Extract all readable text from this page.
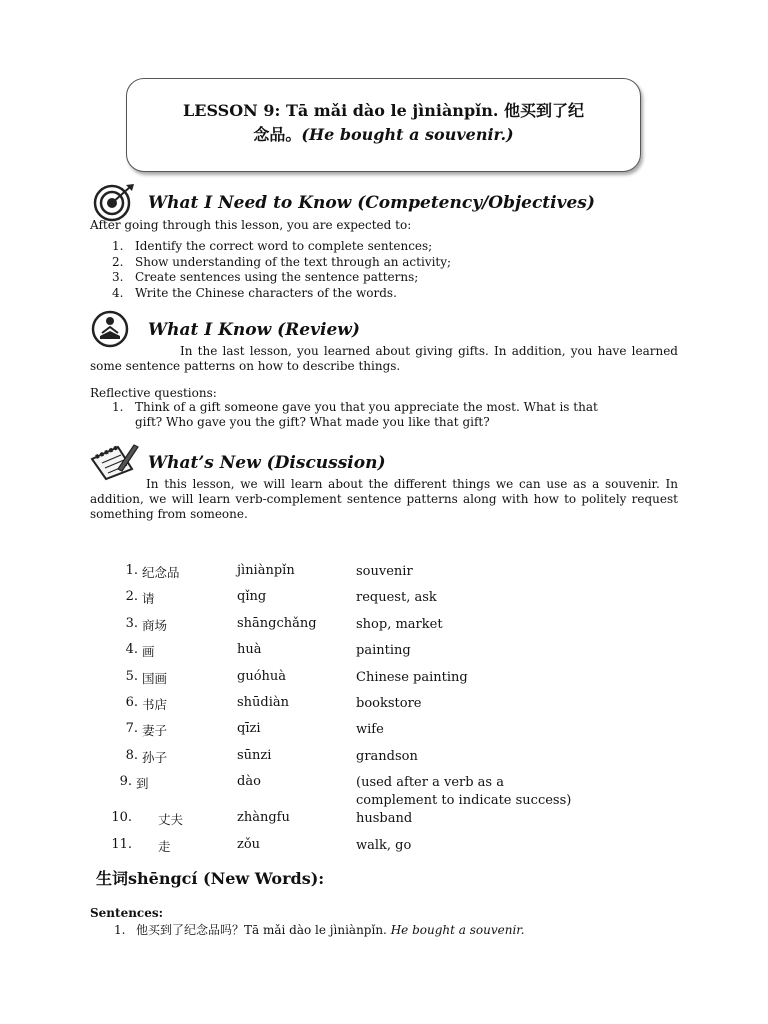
LESSON 9: Tā mǎi dào le jìniànpǐn. 他买到了纪
念品。(He bought a souvenir.)
What I Need to Know (Competency/Objectives)
After going through this lesson, you are expected to:
1. Identify the correct word to complete sentences;
2. Show understanding of the text through an activity;
3. Create sentences using the sentence patterns;
4. Write the Chinese characters of the words.
What I Know (Review)
In the last lesson, you learned about giving gifts. In addition, you have learned some sentence patterns on how to describe things.
Reflective questions:
1. Think of a gift someone gave you that you appreciate the most. What is that
gift? Who gave you the gift? What made you like that gift?
What’s New (Discussion)
In this lesson, we will learn about the different things we can use as a souvenir. In addition, we will learn verb-complement sentence patterns along with how to politely request something from someone.
1. 纪念品	jìniànpǐn	souvenir
2. 请	qǐng	request, ask
3. 商场	shāngchǎng	shop, market
4. 画	huà	painting
5. 国画	guóhuà	Chinese painting
6. 书店	shūdiàn	bookstore
7. 妻子	qīzi	wife
8. 孙子	sūnzi	grandson
9. 到	dào	(used after a verb as a
complement to indicate success)
10. 丈夫	zhàngfu	husband
11. 走	zǒu	walk, go
生词shēngcí (New Words):
Sentences:
1. 他买到了纪念品吗？Tā mǎi dào le jìniànpǐn. He bought a souvenir.
